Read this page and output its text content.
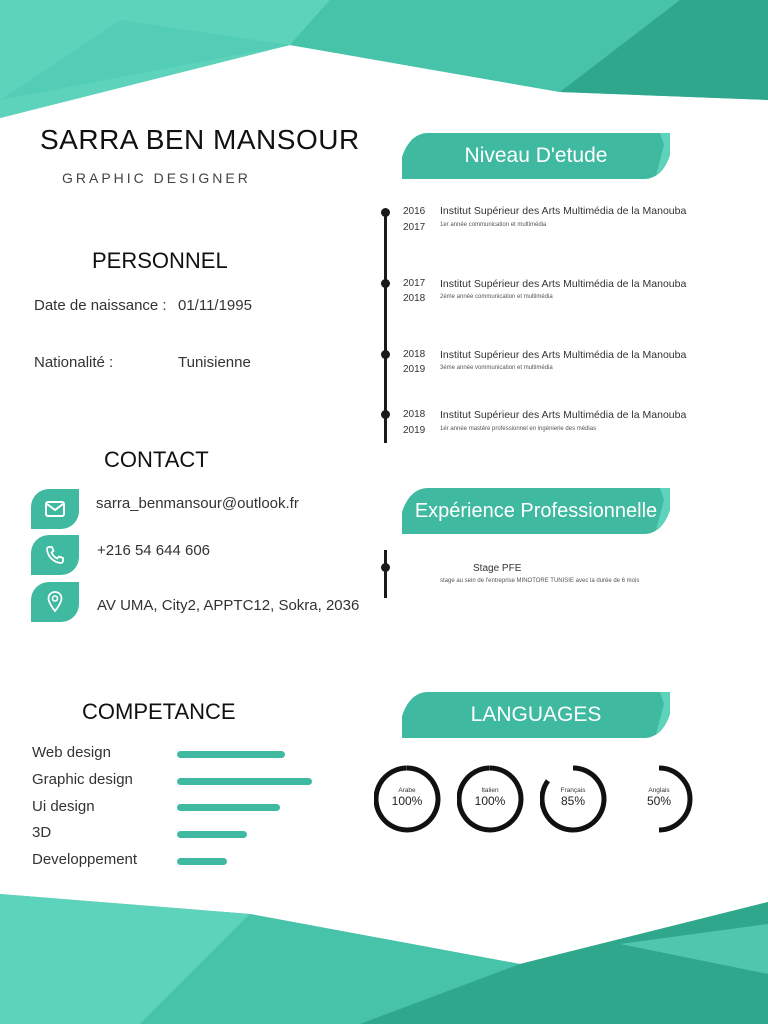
SARRA BEN MANSOUR
GRAPHIC DESIGNER
PERSONNEL
Date de naissance : 01/11/1995
Nationalité :	Tunisienne
CONTACT
sarra_benmansour@outlook.fr
+216 54 644 606
AV UMA, City2, APPTC12, Sokra, 2036
COMPETANCE
Web design
Graphic design
Ui design
3D
Developpement
Niveau D'etude
2016
2017
Institut Supérieur des Arts Multimédia de la Manouba
1er année communication et multimédia
2017
2018
Institut Supérieur des Arts Multimédia de la Manouba
2éme année communication et multimédia
2018
2019
Institut Supérieur des Arts Multimédia de la Manouba
3éme année vommunication et multimédia
2018
2019
Institut Supérieur des Arts Multimédia de la Manouba
1ér année mastére professionnel en ingénierie des médias
Expérience Professionnelle
Stage PFE
stage au sein de l'entreprise MINOTORE TUNISIE avec la durée de 6 mois
LANGUAGES
Arabe
100%
Italien
100%
Français
85%
Anglais
50%
